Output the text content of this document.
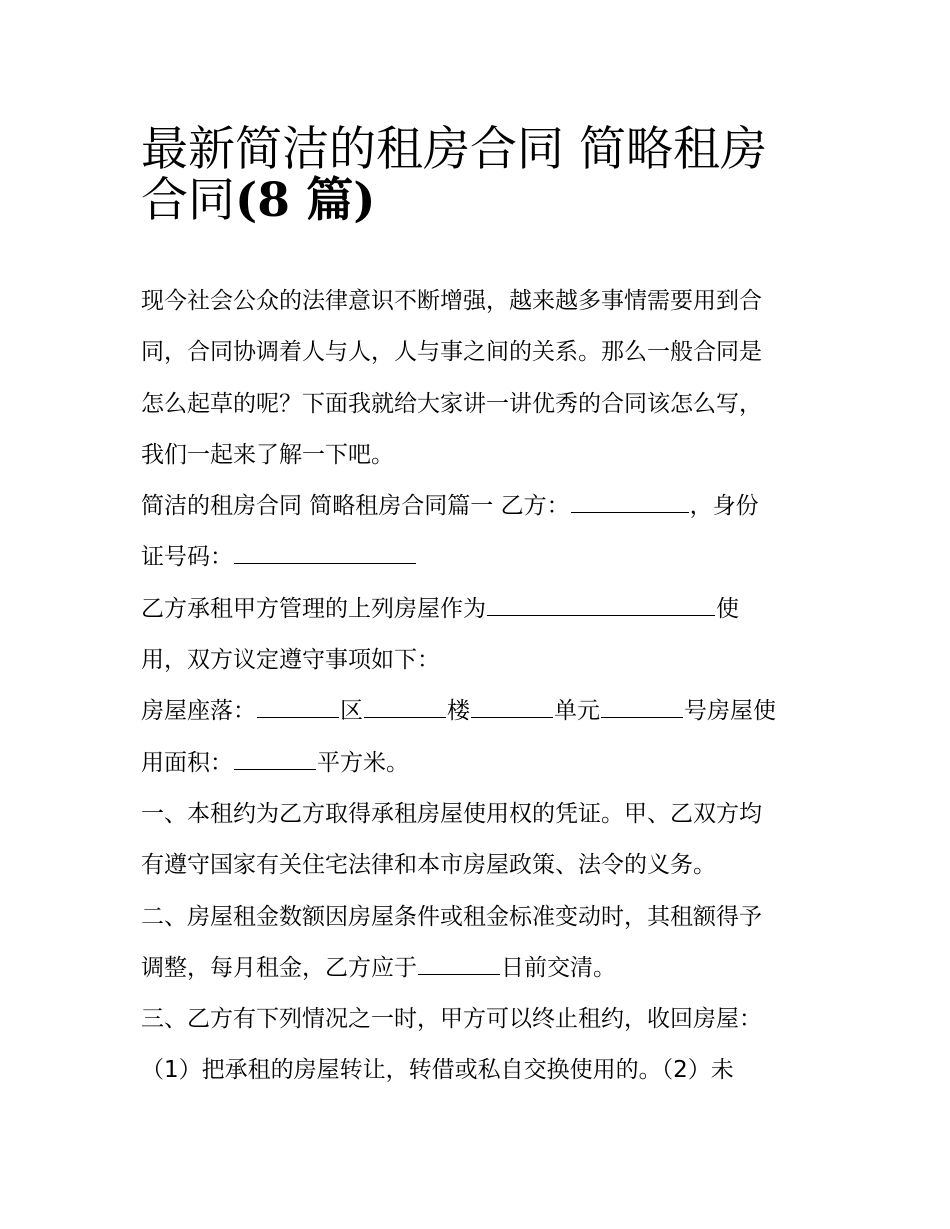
最新简洁的租房合同 简略租房
合同(8 篇)
现今社会公众的法律意识不断增强，越来越多事情需要用到合
同，合同协调着人与人，人与事之间的关系。那么一般合同是
怎么起草的呢？下面我就给大家讲一讲优秀的合同该怎么写，
我们一起来了解一下吧。
简洁的租房合同 简略租房合同篇一 乙方：	，身份
证号码：
乙方承租甲方管理的上列房屋作为	使
用，双方议定遵守事项如下：
房屋座落：	区	楼	单元	号房屋使
用面积：	平方米。
一、本租约为乙方取得承租房屋使用权的凭证。甲、乙双方均
有遵守国家有关住宅法律和本市房屋政策、法令的义务。
二、房屋租金数额因房屋条件或租金标准变动时，其租额得予
调整，每月租金，乙方应于	日前交清。
三、乙方有下列情况之一时，甲方可以终止租约，收回房屋：
（1）把承租的房屋转让，转借或私自交换使用的。（2）未
